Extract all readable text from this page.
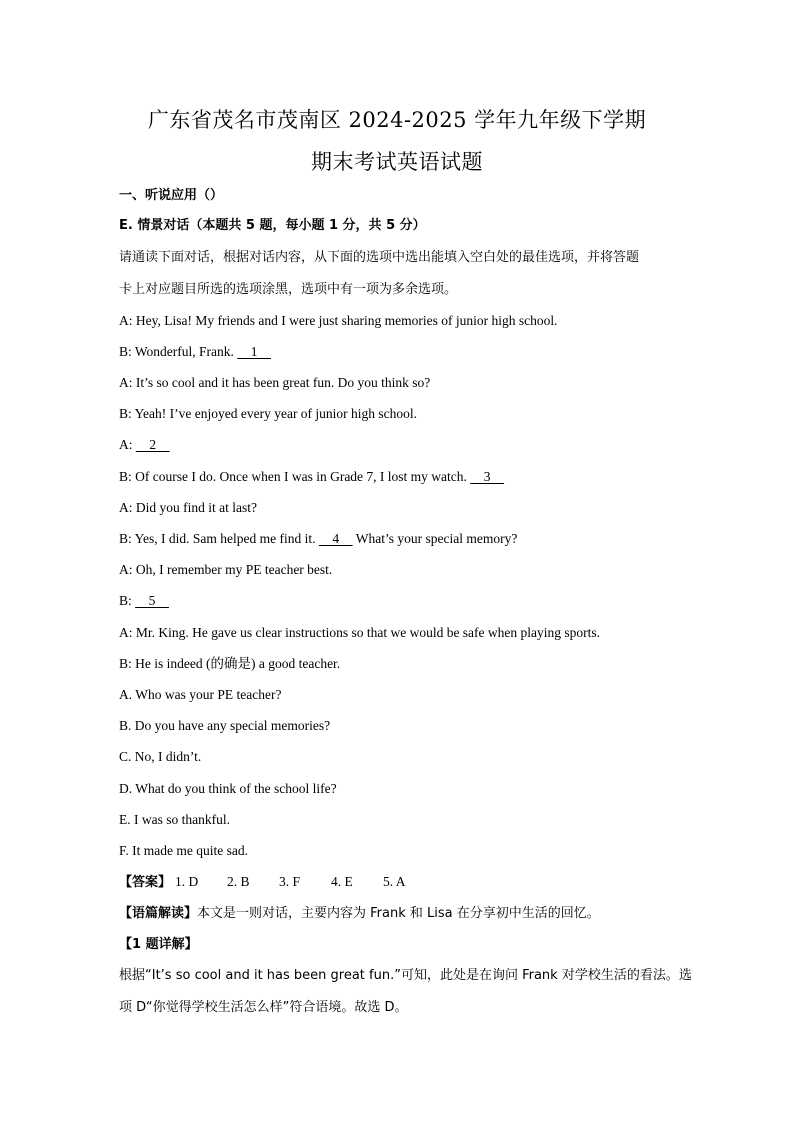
广东省茂名市茂南区 2024-2025 学年九年级下学期
期末考试英语试题
一、听说应用（）
E. 情景对话（本题共 5 题，每小题 1 分，共 5 分）
请通读下面对话，根据对话内容，从下面的选项中选出能填入空白处的最佳选项，并将答题
卡上对应题目所选的选项涂黑，选项中有一项为多余选项。
A: Hey, Lisa! My friends and I were just sharing memories of junior high school.
B: Wonderful, Frank.     1
A: It’s so cool and it has been great fun. Do you think so?
B: Yeah! I’ve enjoyed every year of junior high school.
A:     2
B: Of course I do. Once when I was in Grade 7, I lost my watch.     3
A: Did you find it at last?
B: Yes, I did. Sam helped me find it.     4     What’s your special memory?
A: Oh, I remember my PE teacher best.
B:     5
A: Mr. King. He gave us clear instructions so that we would be safe when playing sports.
B: He is indeed (的确是) a good teacher.
A. Who was your PE teacher?
B. Do you have any special memories?
C. No, I didn’t.
D. What do you think of the school life?
E. I was so thankful.
F. It made me quite sad.
【答案】 1. D 2. B 3. F 4. E 5. A
【语篇解读】本文是一则对话，主要内容为 Frank 和 Lisa 在分享初中生活的回忆。
【1 题详解】
根据“It’s so cool and it has been great fun.”可知，此处是在询问 Frank 对学校生活的看法。选
项 D“你觉得学校生活怎么样”符合语境。故选 D。
